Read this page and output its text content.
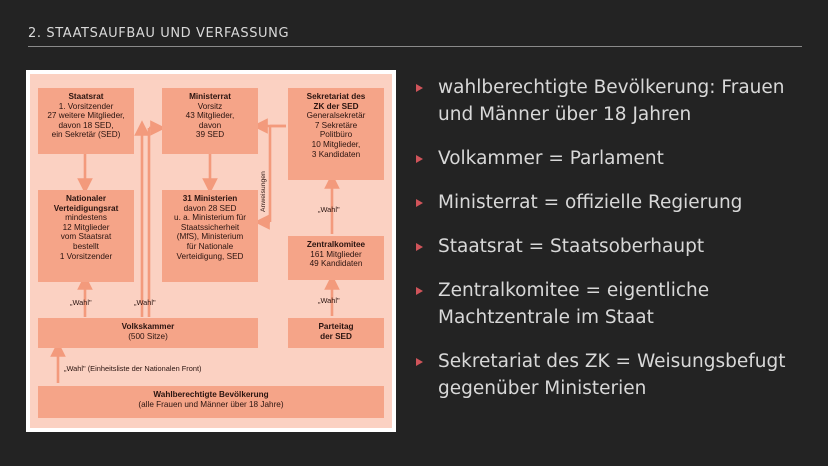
2. STAATSAUFBAU UND VERFASSUNG
Staatsrat
1. Vorsitzender
27 weitere Mitglieder,
davon 18 SED,
ein Sekretär (SED)
Ministerrat
Vorsitz
43 Mitglieder,
davon
39 SED
Sekretariat des
ZK der SED
Generalsekretär
7 Sekretäre
Politbüro
10 Mitglieder,
3 Kandidaten
Nationaler
Verteidigungsrat
mindestens
12 Mitglieder
vom Staatsrat
bestellt
1 Vorsitzender
31 Ministerien
davon 28 SED
u. a. Ministerium für
Staatssicherheit
(MfS), Ministerium
für Nationale
Verteidigung, SED
Zentralkomitee
161 Mitglieder
49 Kandidaten
Volkskammer
(500 Sitze)
Parteitag
der SED
Wahlberechtigte Bevölkerung
(alle Frauen und Männer über 18 Jahre)
„Wahl"	„Wahl"
„Wahl"
„Wahl"
„Wahl" (Einheitsliste der Nationalen Front)
Anweisungen
wahlberechtigte Bevölkerung: Frauen und Männer über 18 Jahren
Volkammer = Parlament
Ministerrat = offizielle Regierung
Staatsrat = Staatsoberhaupt
Zentralkomitee = eigentliche Machtzentrale im Staat
Sekretariat des ZK = Weisungsbefugt gegenüber Ministerien
